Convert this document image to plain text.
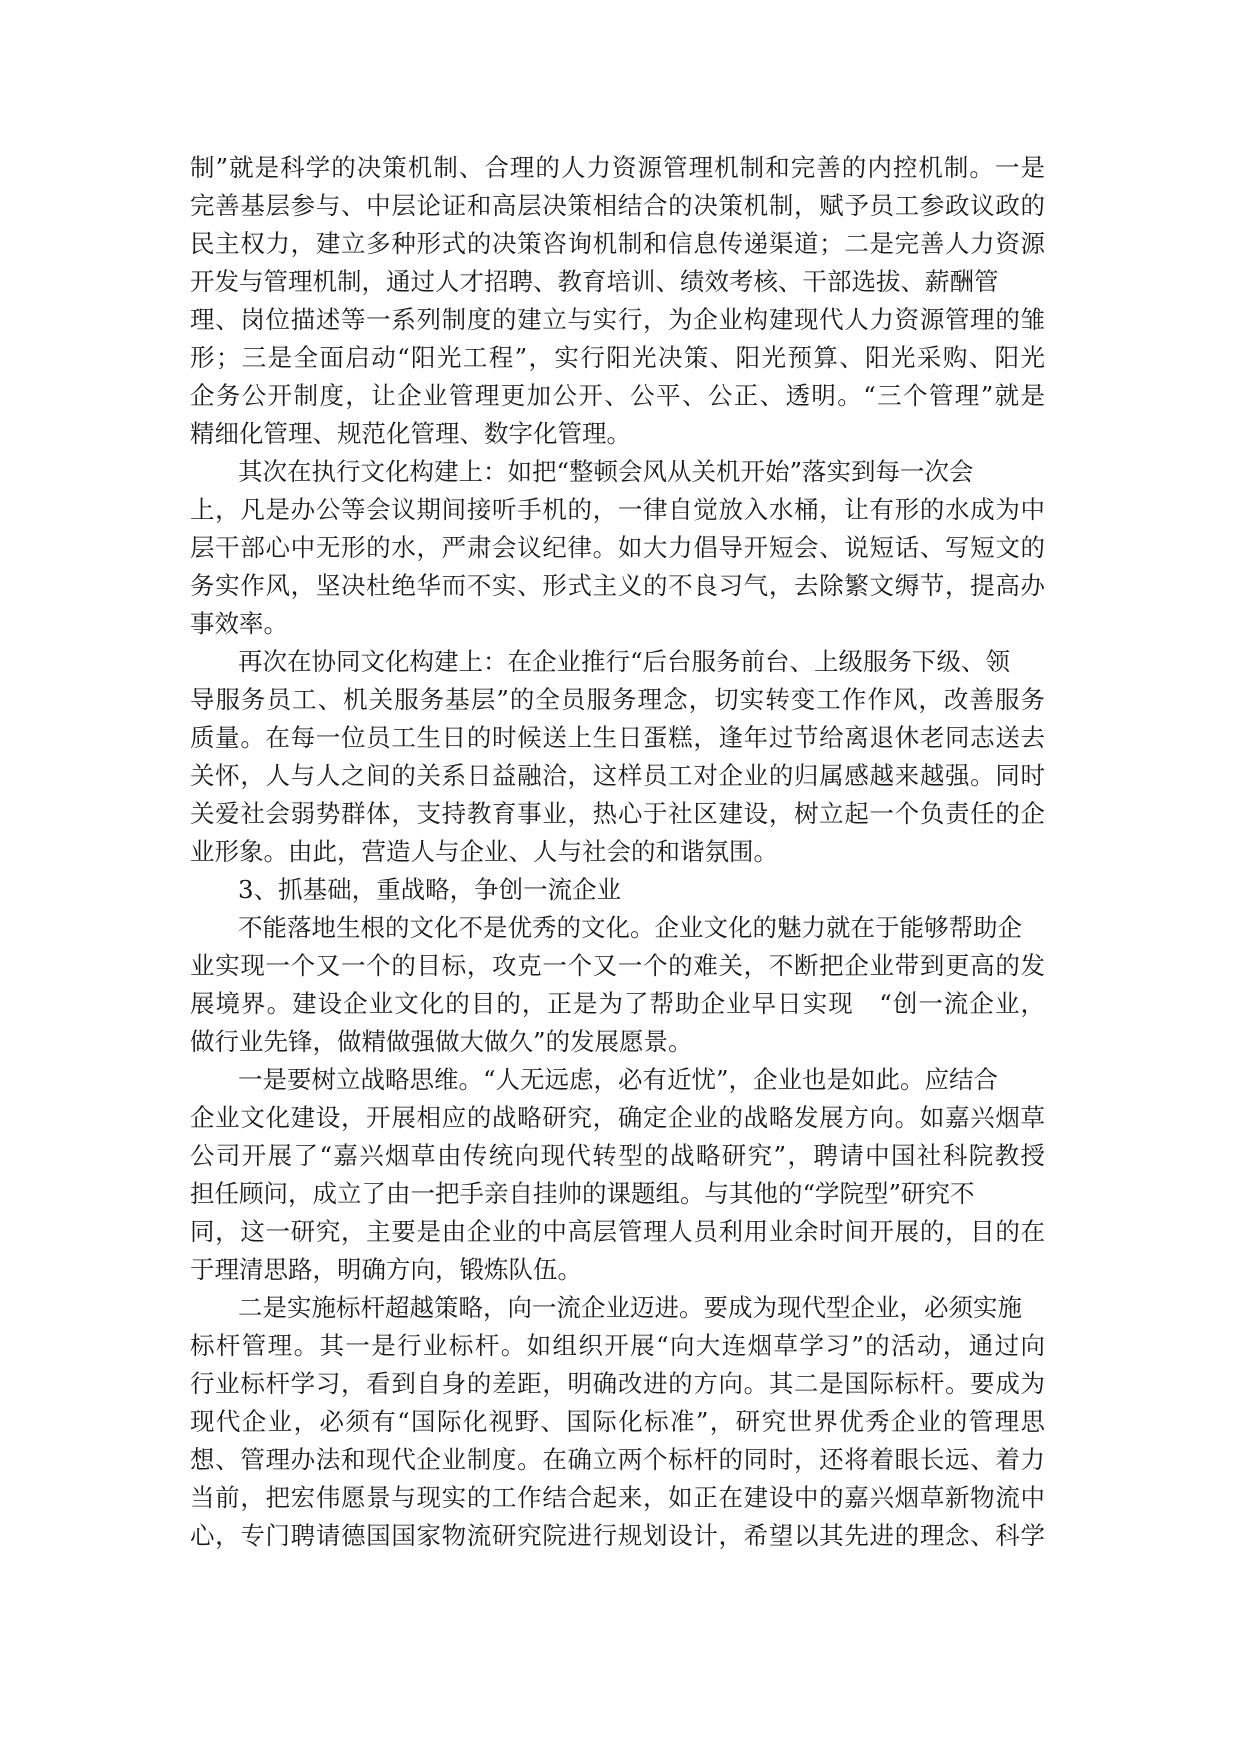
制”就是科学的决策机制、合理的人力资源管理机制和完善的内控机制。一是

完善基层参与、中层论证和高层决策相结合的决策机制，赋予员工参政议政的

民主权力，建立多种形式的决策咨询机制和信息传递渠道；二是完善人力资源

开发与管理机制，通过人才招聘、教育培训、绩效考核、干部选拔、薪酬管

理、岗位描述等一系列制度的建立与实行，为企业构建现代人力资源管理的雏

形；三是全面启动“阳光工程”，实行阳光决策、阳光预算、阳光采购、阳光

企务公开制度，让企业管理更加公开、公平、公正、透明。“三个管理”就是

精细化管理、规范化管理、数字化管理。

其次在执行文化构建上：如把“整顿会风从关机开始”落实到每一次会

上，凡是办公等会议期间接听手机的，一律自觉放入水桶，让有形的水成为中

层干部心中无形的水，严肃会议纪律。如大力倡导开短会、说短话、写短文的

务实作风，坚决杜绝华而不实、形式主义的不良习气，去除繁文缛节，提高办

事效率。

再次在协同文化构建上：在企业推行“后台服务前台、上级服务下级、领

导服务员工、机关服务基层”的全员服务理念，切实转变工作作风，改善服务

质量。在每一位员工生日的时候送上生日蛋糕，逢年过节给离退休老同志送去

关怀，人与人之间的关系日益融洽，这样员工对企业的归属感越来越强。同时

关爱社会弱势群体，支持教育事业，热心于社区建设，树立起一个负责任的企

业形象。由此，营造人与企业、人与社会的和谐氛围。

3、抓基础，重战略，争创一流企业

不能落地生根的文化不是优秀的文化。企业文化的魅力就在于能够帮助企

业实现一个又一个的目标，攻克一个又一个的难关，不断把企业带到更高的发

展境界。建设企业文化的目的，正是为了帮助企业早日实现　“创一流企业，

做行业先锋，做精做强做大做久”的发展愿景。

一是要树立战略思维。“人无远虑，必有近忧”，企业也是如此。应结合

企业文化建设，开展相应的战略研究，确定企业的战略发展方向。如嘉兴烟草

公司开展了“嘉兴烟草由传统向现代转型的战略研究”，聘请中国社科院教授

担任顾问，成立了由一把手亲自挂帅的课题组。与其他的“学院型”研究不

同，这一研究，主要是由企业的中高层管理人员利用业余时间开展的，目的在

于理清思路，明确方向，锻炼队伍。

二是实施标杆超越策略，向一流企业迈进。要成为现代型企业，必须实施

标杆管理。其一是行业标杆。如组织开展“向大连烟草学习”的活动，通过向

行业标杆学习，看到自身的差距，明确改进的方向。其二是国际标杆。要成为

现代企业，必须有“国际化视野、国际化标准”，研究世界优秀企业的管理思

想、管理办法和现代企业制度。在确立两个标杆的同时，还将着眼长远、着力

当前，把宏伟愿景与现实的工作结合起来，如正在建设中的嘉兴烟草新物流中

心，专门聘请德国国家物流研究院进行规划设计，希望以其先进的理念、科学
